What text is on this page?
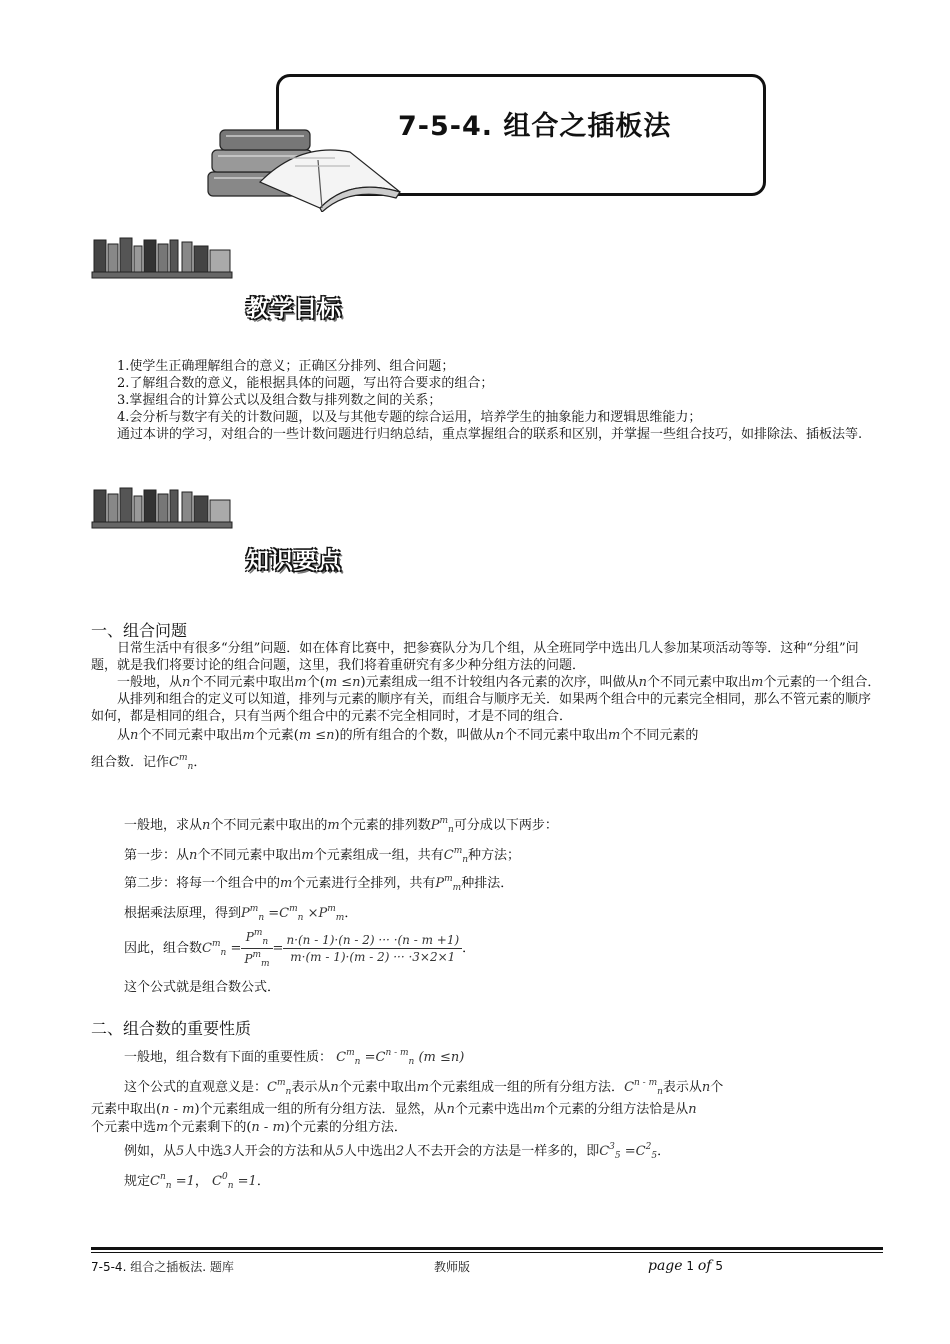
7-5-4. 组合之插板法
教学目标

1.使学生正确理解组合的意义；正确区分排列、组合问题；

2.了解组合数的意义，能根据具体的问题，写出符合要求的组合；

3.掌握组合的计算公式以及组合数与排列数之间的关系；

4.会分析与数字有关的计数问题，以及与其他专题的综合运用，培养学生的抽象能力和逻辑思维能力；

通过本讲的学习，对组合的一些计数问题进行归纳总结，重点掌握组合的联系和区别，并掌握一些组合技巧，如排除法、插板法等.

知识要点
一、组合问题

日常生活中有很多“分组”问题．如在体育比赛中，把参赛队分为几个组，从全班同学中选出几人参加某项活动等等．这种“分组”问题，就是我们将要讨论的组合问题，这里，我们将着重研究有多少种分组方法的问题．

一般地，从n个不同元素中取出m个(m ≤n)元素组成一组不计较组内各元素的次序，叫做从n个不同元素中取出m个元素的一个组合．

从排列和组合的定义可以知道，排列与元素的顺序有关，而组合与顺序无关．如果两个组合中的元素完全相同，那么不管元素的顺序如何，都是相同的组合，只有当两个组合中的元素不完全相同时，才是不同的组合．

从n个不同元素中取出m个元素(m ≤n)的所有组合的个数，叫做从n个不同元素中取出m个不同元素的
组合数．记作$C^m_n$．

一般地，求从n个不同元素中取出的m个元素的排列数$P^m_n$可分成以下两步：
第一步：从n个不同元素中取出m个元素组成一组，共有$C^m_n$种方法；
第二步：将每一个组合中的m个元素进行全排列，共有$P^m_m$种排法．
根据乘法原理，得到$P^m_n =C^m_n \times P^m_m$．
因此，组合数$C^m_n = \frac{P^m_n}{P^m_m} = \frac{n\cdot(n - 1)\cdot(n - 2) \cdot\cdot\cdot \cdot(n - m +1)}{m\cdot(m - 1)\cdot(m - 2) \cdot\cdot\cdot \cdot 3\times 2\times 1}$ ．
这个公式就是组合数公式．
二、组合数的重要性质
一般地，组合数有下面的重要性质： $C^m_n =C^{n - m}_n$ (m ≤n)
这个公式的直观意义是：$C^m_n$表示从n个元素中取出m个元素组成一组的所有分组方法．$C^{n - m}_n$表示从n个
元素中取出(n - m)个元素组成一组的所有分组方法．显然，从n个元素中选出m个元素的分组方法恰是从n
个元素中选m个元素剩下的(n - m)个元素的分组方法．
例如，从5人中选3人开会的方法和从5人中选出2人不去开会的方法是一样多的，即$C^3_5 =C^2_5$．
规定$C^n_n =1$， $C^0_n =1$．
7-5-4. 组合之插板法. 题库	教师版	page 1 of 5
